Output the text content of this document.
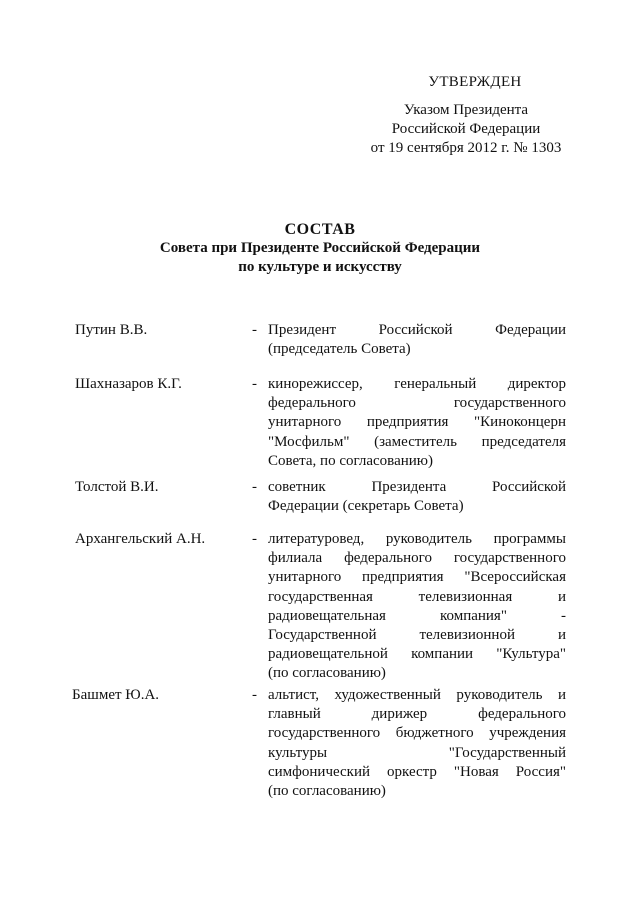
УТВЕРЖДЕН
Указом Президента
Российской Федерации
от 19 сентября 2012 г. № 1303
СОСТАВ
Совета при Президенте Российской Федерации
по культуре и искусству
Путин В.В.	- Президент Российской Федерации
(председатель Совета)
Шахназаров К.Г.	- кинорежиссер, генеральный директор
федерального государственного
унитарного предприятия "Киноконцерн
"Мосфильм" (заместитель председателя
Совета, по согласованию)
Толстой В.И.	- советник Президента Российской
Федерации (секретарь Совета)
Архангельский А.Н.	- литературовед, руководитель программы
филиала федерального государственного
унитарного предприятия "Всероссийская
государственная телевизионная и
радиовещательная компания" -
Государственной телевизионной и
радиовещательной компании "Культура"
(по согласованию)
Башмет Ю.А.	- альтист, художественный руководитель и
главный дирижер федерального
государственного бюджетного учреждения
культуры "Государственный
симфонический оркестр "Новая Россия"
(по согласованию)
